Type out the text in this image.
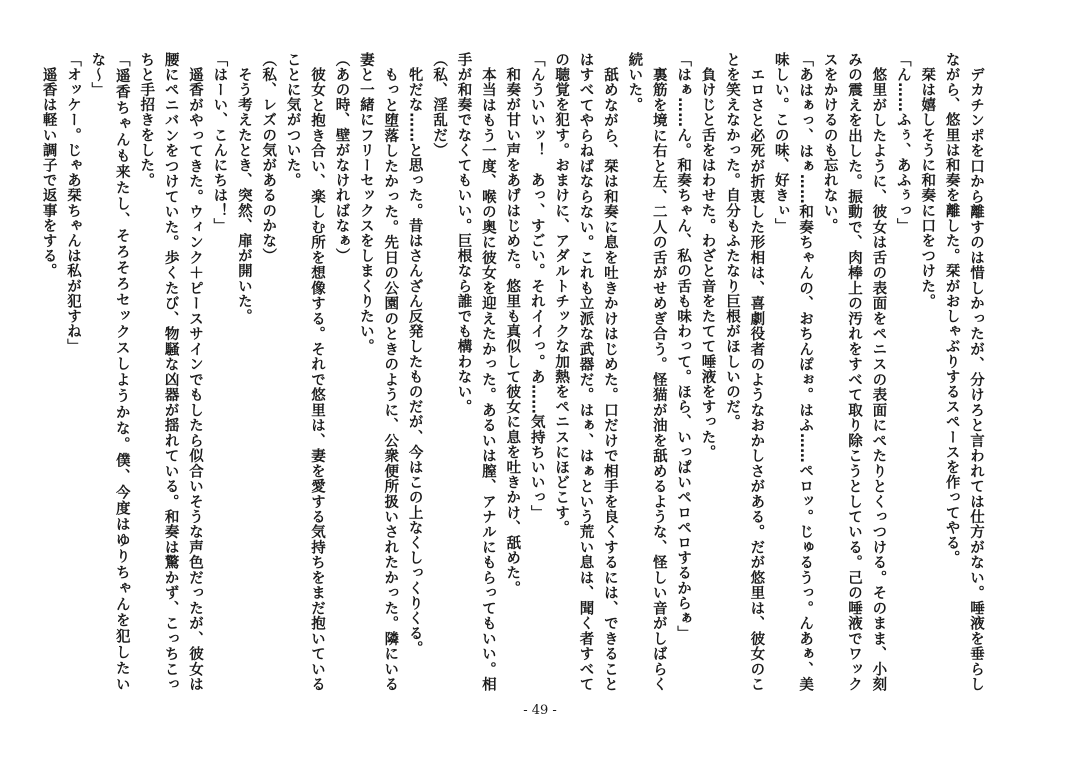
　デカチンポを口から離すのは惜しかったが、分けろと言われては仕方がない。唾液を垂らしながら、悠里は和奏を離した。栞がおしゃぶりするスペースを作ってやる。

　栞は嬉しそうに和奏に口をつけた。

「ん……ふぅ、あふぅっ」

　悠里がしたように、彼女は舌の表面をペニスの表面にぺたりとくっつける。そのまま、小刻みの震えを出した。振動で、肉棒上の汚れをすべて取り除こうとしている。己の唾液でワックスをかけるのも忘れない。

「あはぁっ、はぁ……和奏ちゃんの、おちんぽぉ。はふ……ペロッ。じゅるうっ。んあぁ、美味しい。この味、好きぃ」

　エロさと必死が折衷した形相は、喜劇役者のようなおかしさがある。だが悠里は、彼女のことを笑えなかった。自分もふたなり巨根がほしいのだ。

　負けじと舌をはわせた。わざと音をたてて唾液をすった。

「はぁ……ん。和奏ちゃん、私の舌も味わって。ほら、いっぱいペロペロするからぁ」

　裏筋を境に右と左、二人の舌がせめぎ合う。怪猫が油を舐めるような、怪しい音がしばらく続いた。

　舐めながら、栞は和奏に息を吐きかけはじめた。口だけで相手を良くするには、できることはすべてやらねばならない。これも立派な武器だ。はぁ、はぁという荒い息は、聞く者すべての聴覚を犯す。おまけに、アダルトチックな加熱をペニスにほどこす。

「んういいッ！　あっ、すごい。それイイっ。あ……気持ちいいっ」

　和奏が甘い声をあげはじめた。悠里も真似して彼女に息を吐きかけ、舐めた。

　本当はもう一度、喉の奥に彼女を迎えたかった。あるいは膣、アナルにもらってもいい。相手が和奏でなくてもいい。巨根なら誰でも構わない。

（私、淫乱だ）

　牝だな……と思った。昔はさんざん反発したものだが、今はこの上なくしっくりくる。

　もっと堕落したかった。先日の公園のときのように、公衆便所扱いされたかった。隣にいる妻と一緒にフリーセックスをしまくりたい。

（あの時、壁がなければなぁ）

　彼女と抱き合い、楽しむ所を想像する。それで悠里は、妻を愛する気持ちをまだ抱いていることに気がついた。

（私、レズの気があるのかな）

　そう考えたとき、突然、扉が開いた。

「はーい、こんにちは！」

　遥香がやってきた。ウィンク＋ピースサインでもしたら似合いそうな声色だったが、彼女は腰にペニバンをつけていた。歩くたび、物騒な凶器が揺れている。和奏は驚かず、こっちこっちと手招きをした。

「遥香ちゃんも来たし、そろそろセックスしようかな。僕、今度はゆりちゃんを犯したいな〜」

「オッケー。じゃあ栞ちゃんは私が犯すね」

　遥香は軽い調子で返事をする。

- 49 -
